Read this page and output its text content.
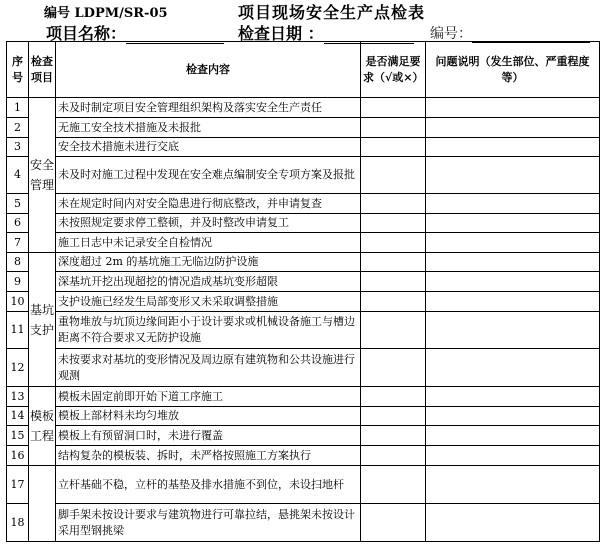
编号 LDPM/SR-05	项目现场安全生产点检表
项目名称：	检查日期 ：	编号：
序号	检查项目	检查内容	是否满足要求（√或×）	问题说明（发生部位、严重程度等）
1	安全管理	未及时制定项目安全管理组织架构及落实安全生产责任		
2		无施工安全技术措施及未报批		
3		安全技术措施未进行交底		
4		未及时对施工过程中发现在安全难点编制安全专项方案及报批		
5		未在规定时间内对安全隐患进行彻底整改，并申请复查		
6		未按照规定要求停工整顿，并及时整改申请复工		
7		施工日志中未记录安全自检情况		
8	基坑支护	深度超过 2m 的基坑施工无临边防护设施		
9		深基坑开挖出现超挖的情况造成基坑变形超限		
10		支护设施已经发生局部变形又未采取调整措施		
11		重物堆放与坑顶边缘间距小于设计要求或机械设备施工与槽边距离不符合要求又无防护设施		
12		未按要求对基坑的变形情况及周边原有建筑物和公共设施进行观测		
13	模板工程	模板未固定前即开始下道工序施工		
14		模板上部材料未均匀堆放		
15		模板上有预留洞口时，未进行覆盖		
16		结构复杂的模板装、拆时，未严格按照施工方案执行		
17		立杆基础不稳，立杆的基垫及排水措施不到位，未设扫地杆		
18		脚手架未按设计要求与建筑物进行可靠拉结，悬挑架未按设计采用型钢挑梁		
